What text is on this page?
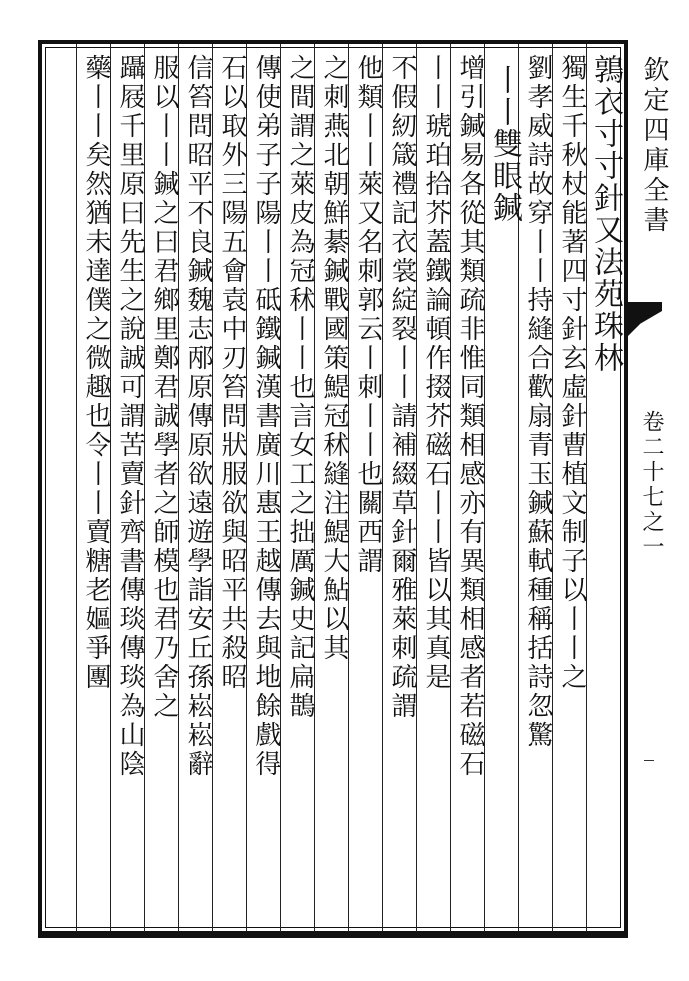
欽定四庫全書
卷二十七之一
鶉衣寸寸針又法苑珠林
獨生千秋杖能著四寸針玄虛針曹植文制子以丨丨之
劉孝威詩故穿丨丨持縫合歡扇青玉鍼蘇軾種稱括詩忽驚
丨丨雙眼鍼
增引鍼易各從其類疏非惟同類相感亦有異類相感者若磁石
丨丨琥珀拾芥蓋鐵論頓作掇芥磁石丨丨皆以其真是
不假紉箴禮記衣裳綻裂丨丨請補綴草針爾雅萊刺疏謂
他類丨丨萊又名刺郭云丨刺丨丨也關西謂
之刺燕北朝鮮綦鍼戰國策鯷冠秫縫注鯷大鮎以其
之間謂之萊皮為冠秫丨丨也言女工之拙厲鍼史記扁鵲
傳使弟子子陽丨丨砥鐵鍼漢書廣川惠王越傳去與地餘戲得
石以取外三陽五會袁中刃笞問狀服欲與昭平共殺昭
信笞問昭平不良鍼魏志邴原傳原欲遠遊學詣安丘孫崧崧辭
服以丨丨鍼之曰君鄉里鄭君誠學者之師模也君乃舍之
躡屐千里原曰先生之說誠可謂苦賣針齊書傳琰傳琰為山陰
藥丨丨矣然猶未達僕之微趣也令丨丨賣糖老嫗爭團
